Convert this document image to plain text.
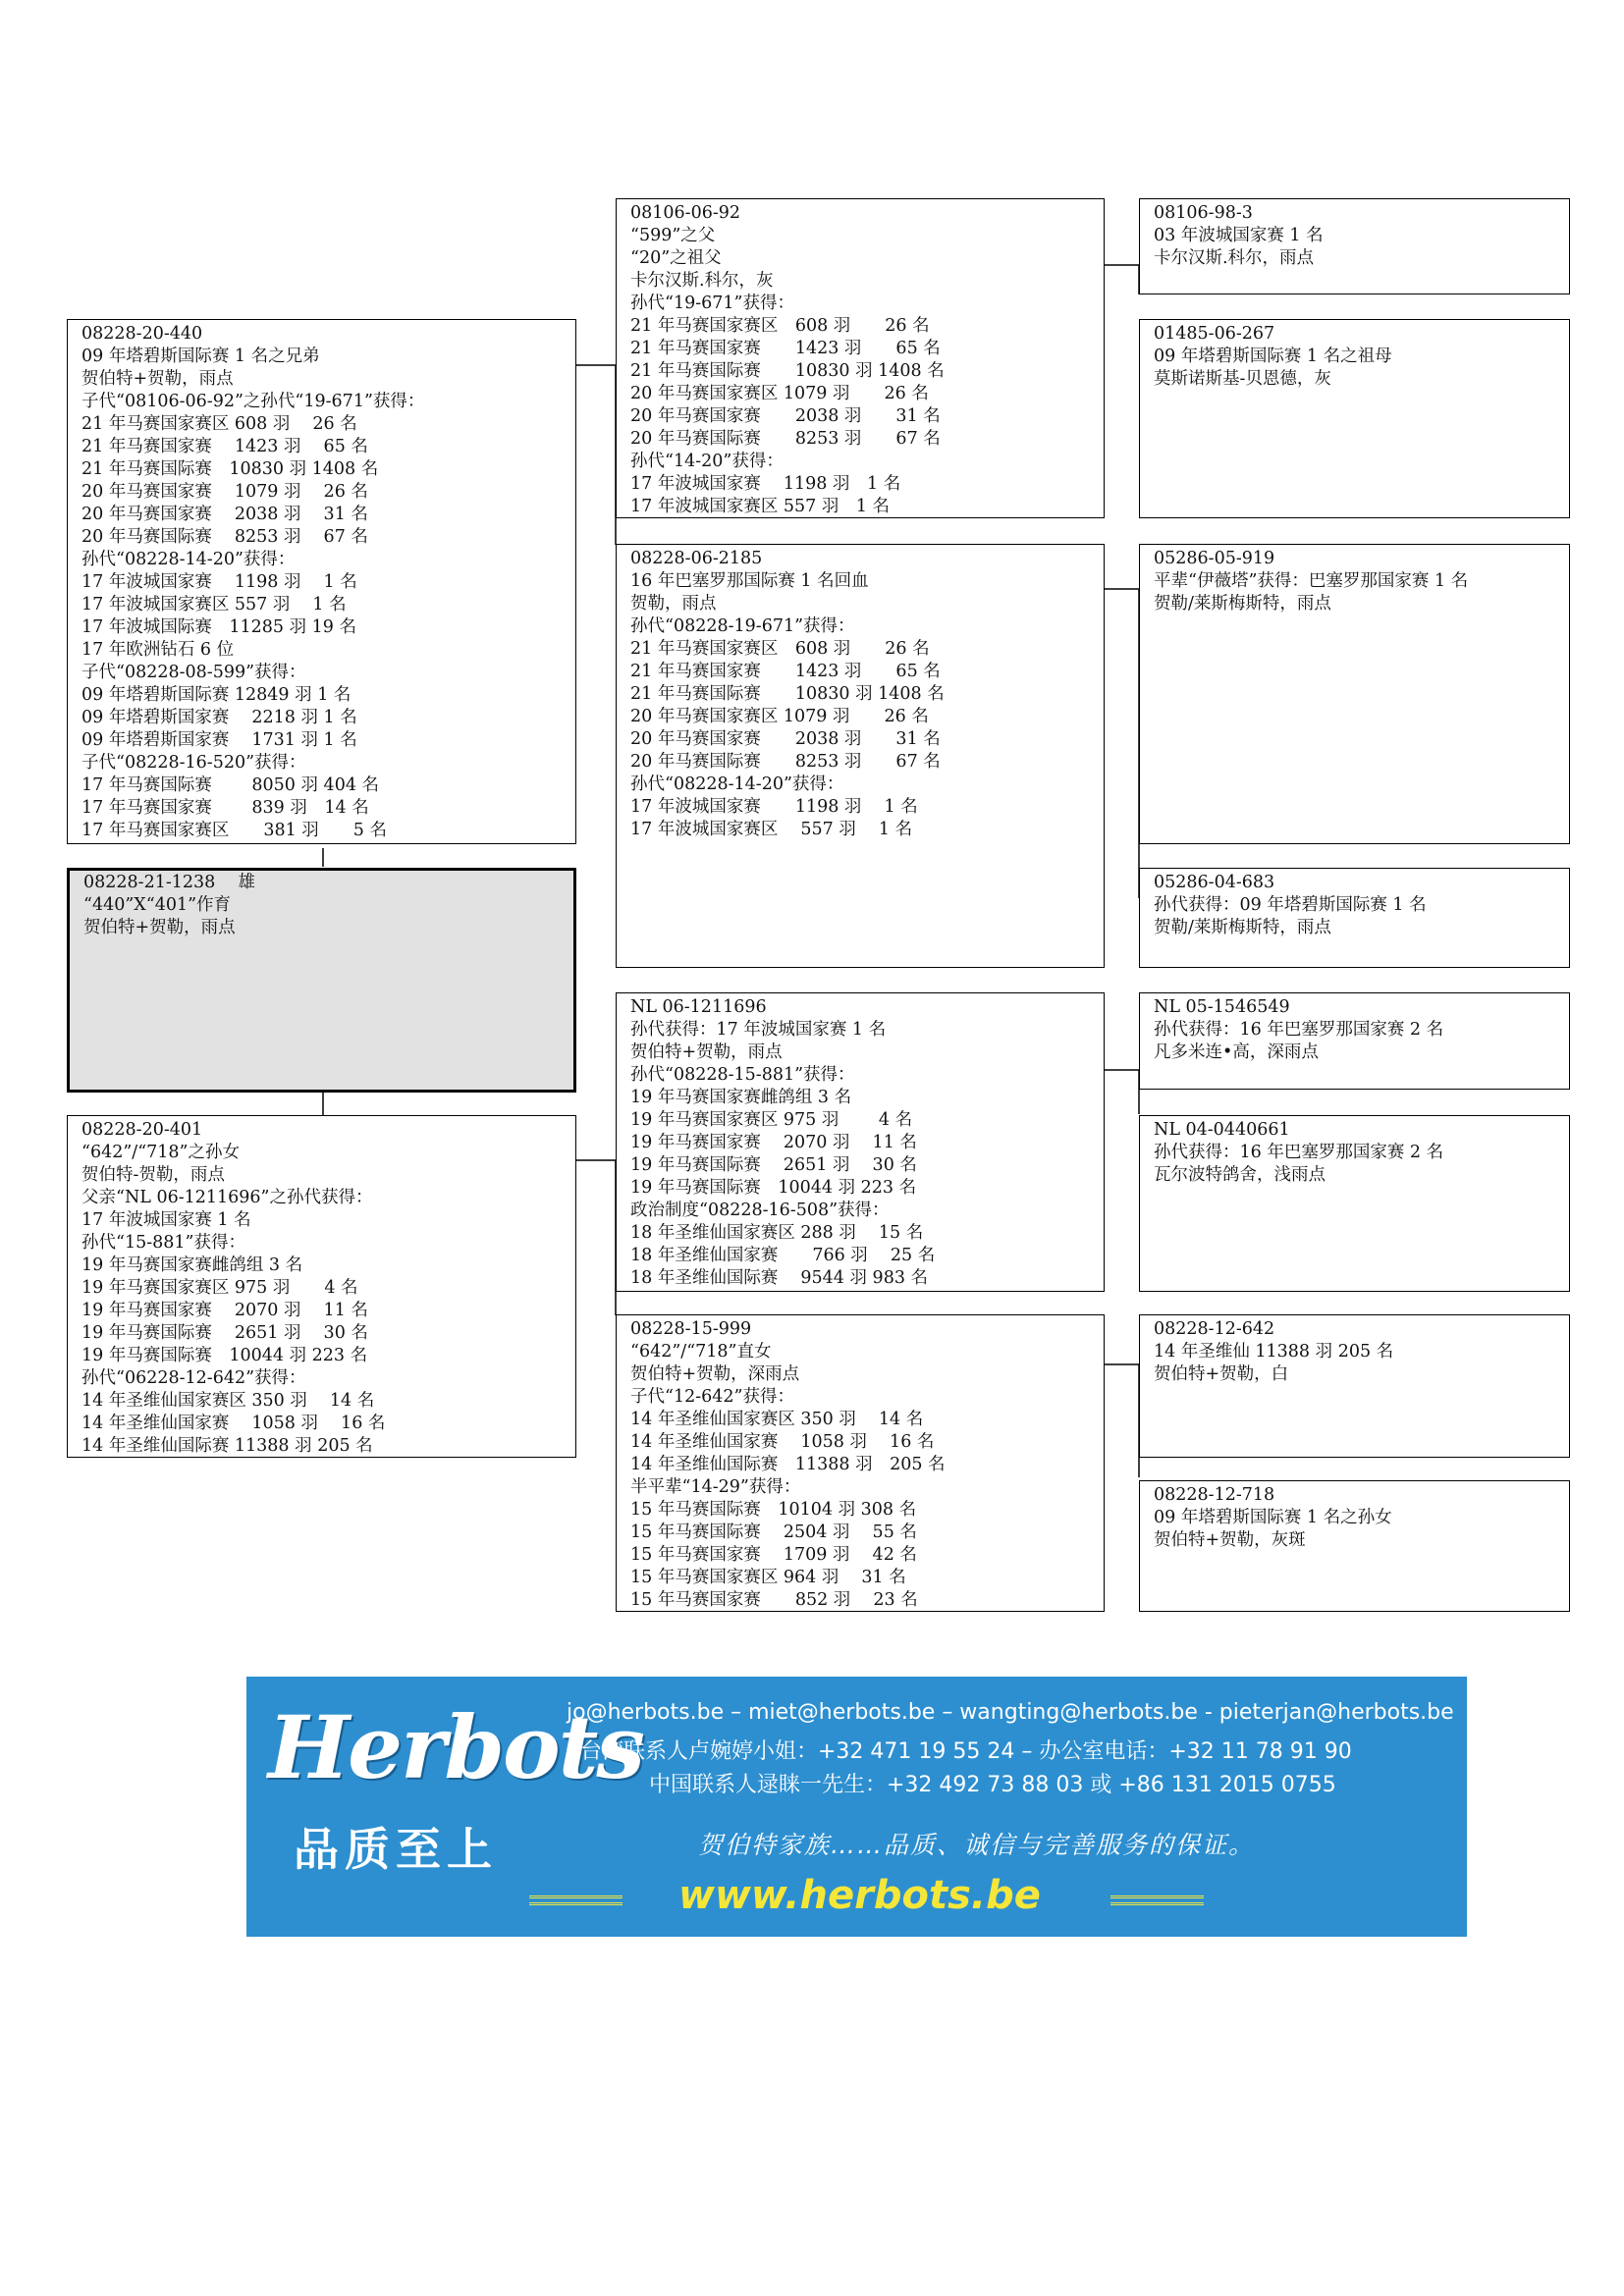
08228-20-440
09 年塔碧斯国际赛 1 名之兄弟
贺伯特+贺勒，雨点
子代“08106-06-92”之孙代“19-671”获得：
21 年马赛国家赛区 608 羽　 26 名
21 年马赛国家赛　 1423 羽　 65 名
21 年马赛国际赛　10830 羽 1408 名
20 年马赛国家赛　 1079 羽　 26 名
20 年马赛国家赛　 2038 羽　 31 名
20 年马赛国际赛　 8253 羽　 67 名
孙代“08228-14-20”获得：
17 年波城国家赛　 1198 羽　 1 名
17 年波城国家赛区 557 羽　 1 名
17 年波城国际赛　11285 羽 19 名
17 年欧洲钻石 6 位
子代“08228-08-599”获得：
09 年塔碧斯国际赛 12849 羽 1 名
09 年塔碧斯国家赛　 2218 羽 1 名
09 年塔碧斯国家赛　 1731 羽 1 名
子代“08228-16-520”获得：
17 年马赛国际赛　　 8050 羽 404 名
17 年马赛国家赛　　 839 羽　14 名
17 年马赛国家赛区　　381 羽　　5 名
08228-21-1238　 雄
“440”X“401”作育
贺伯特+贺勒，雨点
08228-20-401
“642”/“718”之孙女
贺伯特-贺勒，雨点
父亲“NL 06-1211696”之孙代获得：
17 年波城国家赛 1 名
孙代“15-881”获得：
19 年马赛国家赛雌鸽组 3 名
19 年马赛国家赛区 975 羽　　4 名
19 年马赛国家赛　 2070 羽　 11 名
19 年马赛国际赛　 2651 羽　 30 名
19 年马赛国际赛　10044 羽 223 名
孙代“06228-12-642”获得：
14 年圣维仙国家赛区 350 羽　 14 名
14 年圣维仙国家赛　 1058 羽　 16 名
14 年圣维仙国际赛 11388 羽 205 名
08106-06-92
“599”之父
“20”之祖父
卡尔汉斯.科尔，灰
孙代“19-671”获得：
21 年马赛国家赛区　608 羽　　26 名
21 年马赛国家赛　　1423 羽　　65 名
21 年马赛国际赛　　10830 羽 1408 名
20 年马赛国家赛区 1079 羽　　26 名
20 年马赛国家赛　　2038 羽　　31 名
20 年马赛国际赛　　8253 羽　　67 名
孙代“14-20”获得：
17 年波城国家赛　 1198 羽　1 名
17 年波城国家赛区 557 羽　1 名
08228-06-2185
16 年巴塞罗那国际赛 1 名回血
贺勒，雨点
孙代“08228-19-671”获得：
21 年马赛国家赛区　608 羽　　26 名
21 年马赛国家赛　　1423 羽　　65 名
21 年马赛国际赛　　10830 羽 1408 名
20 年马赛国家赛区 1079 羽　　26 名
20 年马赛国家赛　　2038 羽　　31 名
20 年马赛国际赛　　8253 羽　　67 名
孙代“08228-14-20”获得：
17 年波城国家赛　　1198 羽　 1 名
17 年波城国家赛区　 557 羽　 1 名
NL 06-1211696
孙代获得：17 年波城国家赛 1 名
贺伯特+贺勒，雨点
孙代“08228-15-881”获得：
19 年马赛国家赛雌鸽组 3 名
19 年马赛国家赛区 975 羽　　 4 名
19 年马赛国家赛　 2070 羽　 11 名
19 年马赛国际赛　 2651 羽　 30 名
19 年马赛国际赛　10044 羽 223 名
政治制度“08228-16-508”获得：
18 年圣维仙国家赛区 288 羽　 15 名
18 年圣维仙国家赛　　766 羽　 25 名
18 年圣维仙国际赛　 9544 羽 983 名
08228-15-999
“642”/“718”直女
贺伯特+贺勒，深雨点
子代“12-642”获得：
14 年圣维仙国家赛区 350 羽　 14 名
14 年圣维仙国家赛　 1058 羽　 16 名
14 年圣维仙国际赛　11388 羽　205 名
半平辈“14-29”获得：
15 年马赛国际赛　10104 羽 308 名
15 年马赛国际赛　 2504 羽　 55 名
15 年马赛国家赛　 1709 羽　 42 名
15 年马赛国家赛区 964 羽　 31 名
15 年马赛国家赛　　852 羽　 23 名
08106-98-3
03 年波城国家赛 1 名
卡尔汉斯.科尔，雨点
01485-06-267
09 年塔碧斯国际赛 1 名之祖母
莫斯诺斯基-贝恩德，灰
05286-05-919
平辈“伊薇塔”获得：巴塞罗那国家赛 1 名
贺勒/莱斯梅斯特，雨点
05286-04-683
孙代获得：09 年塔碧斯国际赛 1 名
贺勒/莱斯梅斯特，雨点
NL 05-1546549
孙代获得：16 年巴塞罗那国家赛 2 名
凡多米连•高，深雨点
NL 04-0440661
孙代获得：16 年巴塞罗那国家赛 2 名
瓦尔波特鸽舍，浅雨点
08228-12-642
14 年圣维仙 11388 羽 205 名
贺伯特+贺勒，白
08228-12-718
09 年塔碧斯国际赛 1 名之孙女
贺伯特+贺勒，灰斑
Herbots
品质至上
jo@herbots.be – miet@herbots.be – wangting@herbots.be - pieterjan@herbots.be
台湾联系人卢婉婷小姐：+32 471 19 55 24 – 办公室电话：+32 11 78 91 90
中国联系人逯睐一先生：+32 492 73 88 03 或 +86 131 2015 0755
贺伯特家族……品质、诚信与完善服务的保证。
www.herbots.be
